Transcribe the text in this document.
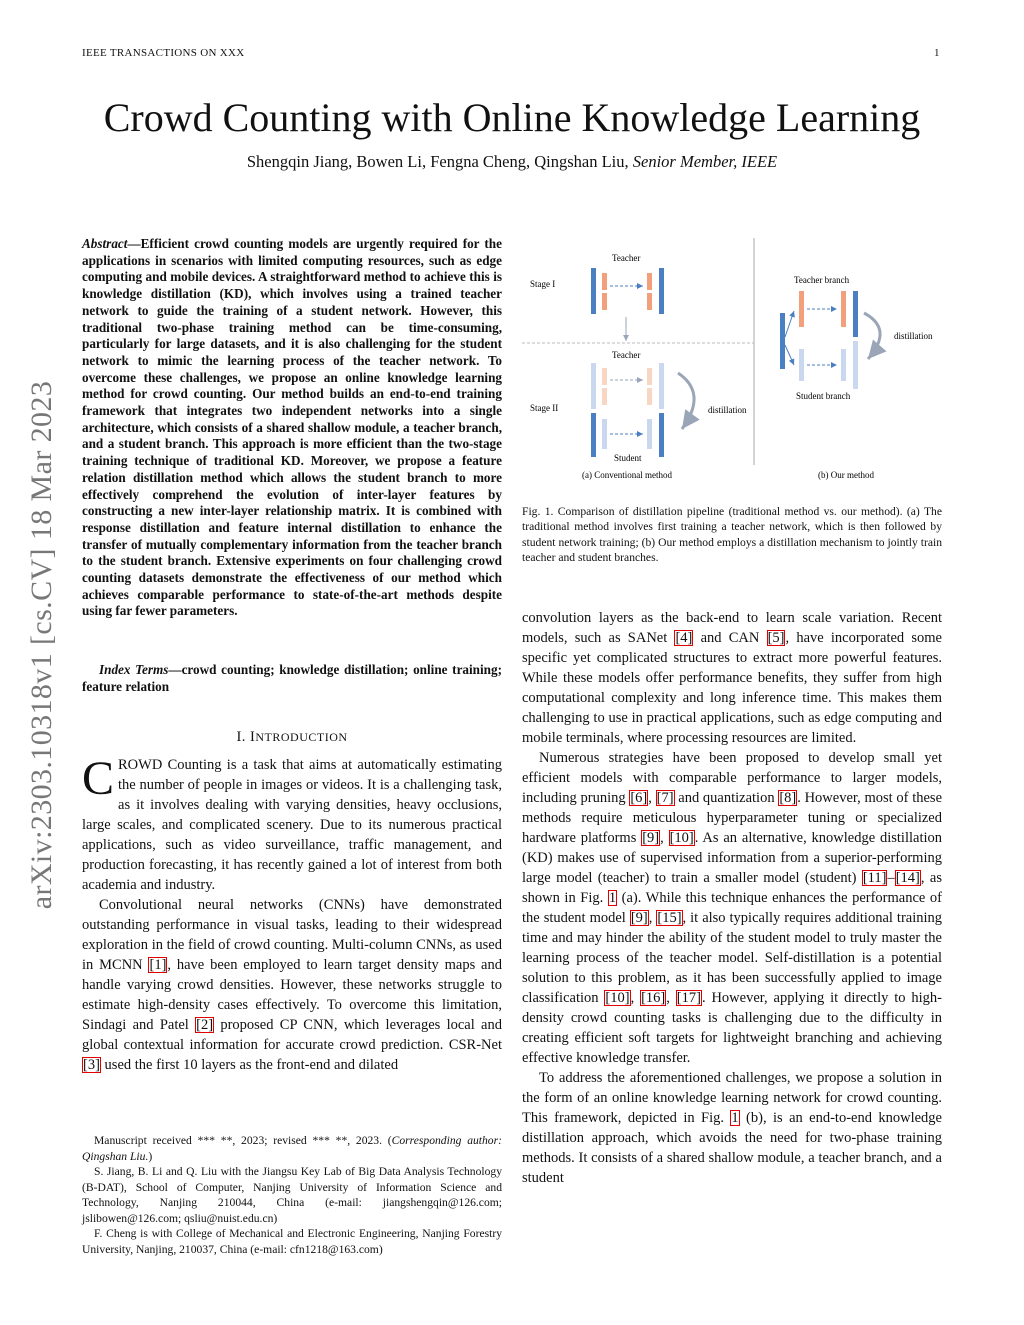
IEEE TRANSACTIONS ON XXX	1
Crowd Counting with Online Knowledge Learning
Shengqin Jiang, Bowen Li, Fengna Cheng, Qingshan Liu, Senior Member, IEEE
arXiv:2303.10318v1 [cs.CV] 18 Mar 2023
Abstract—Efficient crowd counting models are urgently required for the applications in scenarios with limited computing resources, such as edge computing and mobile devices. A straightforward method to achieve this is knowledge distillation (KD), which involves using a trained teacher network to guide the training of a student network. However, this traditional two-phase training method can be time-consuming, particularly for large datasets, and it is also challenging for the student network to mimic the learning process of the teacher network. To overcome these challenges, we propose an online knowledge learning method for crowd counting. Our method builds an end-to-end training framework that integrates two independent networks into a single architecture, which consists of a shared shallow module, a teacher branch, and a student branch. This approach is more efficient than the two-stage training technique of traditional KD. Moreover, we propose a feature relation distillation method which allows the student branch to more effectively comprehend the evolution of inter-layer features by constructing a new inter-layer relationship matrix. It is combined with response distillation and feature internal distillation to enhance the transfer of mutually complementary information from the teacher branch to the student branch. Extensive experiments on four challenging crowd counting datasets demonstrate the effectiveness of our method which achieves comparable performance to state-of-the-art methods despite using far fewer parameters.
Index Terms—crowd counting; knowledge distillation; online training; feature relation
I. INTRODUCTION

CROWD Counting is a task that aims at automatically estimating the number of people in images or videos. It is a challenging task, as it involves dealing with varying densities, heavy occlusions, large scales, and complicated scenery. Due to its numerous practical applications, such as video surveillance, traffic management, and production forecasting, it has recently gained a lot of interest from both academia and industry.

Convolutional neural networks (CNNs) have demonstrated outstanding performance in visual tasks, leading to their widespread exploration in the field of crowd counting. Multi-column CNNs, as used in MCNN [1], have been employed to learn target density maps and handle varying crowd densities. However, these networks struggle to estimate high-density cases effectively. To overcome this limitation, Sindagi and Patel [2] proposed CP CNN, which leverages local and global contextual information for accurate crowd prediction. CSR-Net [3] used the first 10 layers as the front-end and dilated

Manuscript received *** **, 2023; revised *** **, 2023. (Corresponding author: Qingshan Liu.)

S. Jiang, B. Li and Q. Liu with the Jiangsu Key Lab of Big Data Analysis Technology (B-DAT), School of Computer, Nanjing University of Information Science and Technology, Nanjing 210044, China (e-mail: jiangshengqin@126.com; jslibowen@126.com; qsliu@nuist.edu.cn)

F. Cheng is with College of Mechanical and Electronic Engineering, Nanjing Forestry University, Nanjing, 210037, China (e-mail: cfn1218@163.com)

Stage I
Teacher
Stage II
Teacher
Student
distillation
Teacher branch
distillation
Student branch
(a) Conventional method	(b) Our method
Fig. 1. Comparison of distillation pipeline (traditional method vs. our method). (a) The traditional method involves first training a teacher network, which is then followed by student network training; (b) Our method employs a distillation mechanism to jointly train teacher and student branches.

convolution layers as the back-end to learn scale variation. Recent models, such as SANet [4] and CAN [5], have incorporated some specific yet complicated structures to extract more powerful features. While these models offer performance benefits, they suffer from high computational complexity and long inference time. This makes them challenging to use in practical applications, such as edge computing and mobile terminals, where processing resources are limited.

Numerous strategies have been proposed to develop small yet efficient models with comparable performance to larger models, including pruning [6], [7] and quantization [8]. However, most of these methods require meticulous hyperparameter tuning or specialized hardware platforms [9], [10]. As an alternative, knowledge distillation (KD) makes use of supervised information from a superior-performing large model (teacher) to train a smaller model (student) [11]–[14], as shown in Fig. 1 (a). While this technique enhances the performance of the student model [9], [15], it also typically requires additional training time and may hinder the ability of the student model to truly master the learning process of the teacher model. Self-distillation is a potential solution to this problem, as it has been successfully applied to image classification [10], [16], [17]. However, applying it directly to high-density crowd counting tasks is challenging due to the difficulty in creating efficient soft targets for lightweight branching and achieving effective knowledge transfer.

To address the aforementioned challenges, we propose a solution in the form of an online knowledge learning network for crowd counting. This framework, depicted in Fig. 1 (b), is an end-to-end knowledge distillation approach, which avoids the need for two-phase training methods. It consists of a shared shallow module, a teacher branch, and a student
